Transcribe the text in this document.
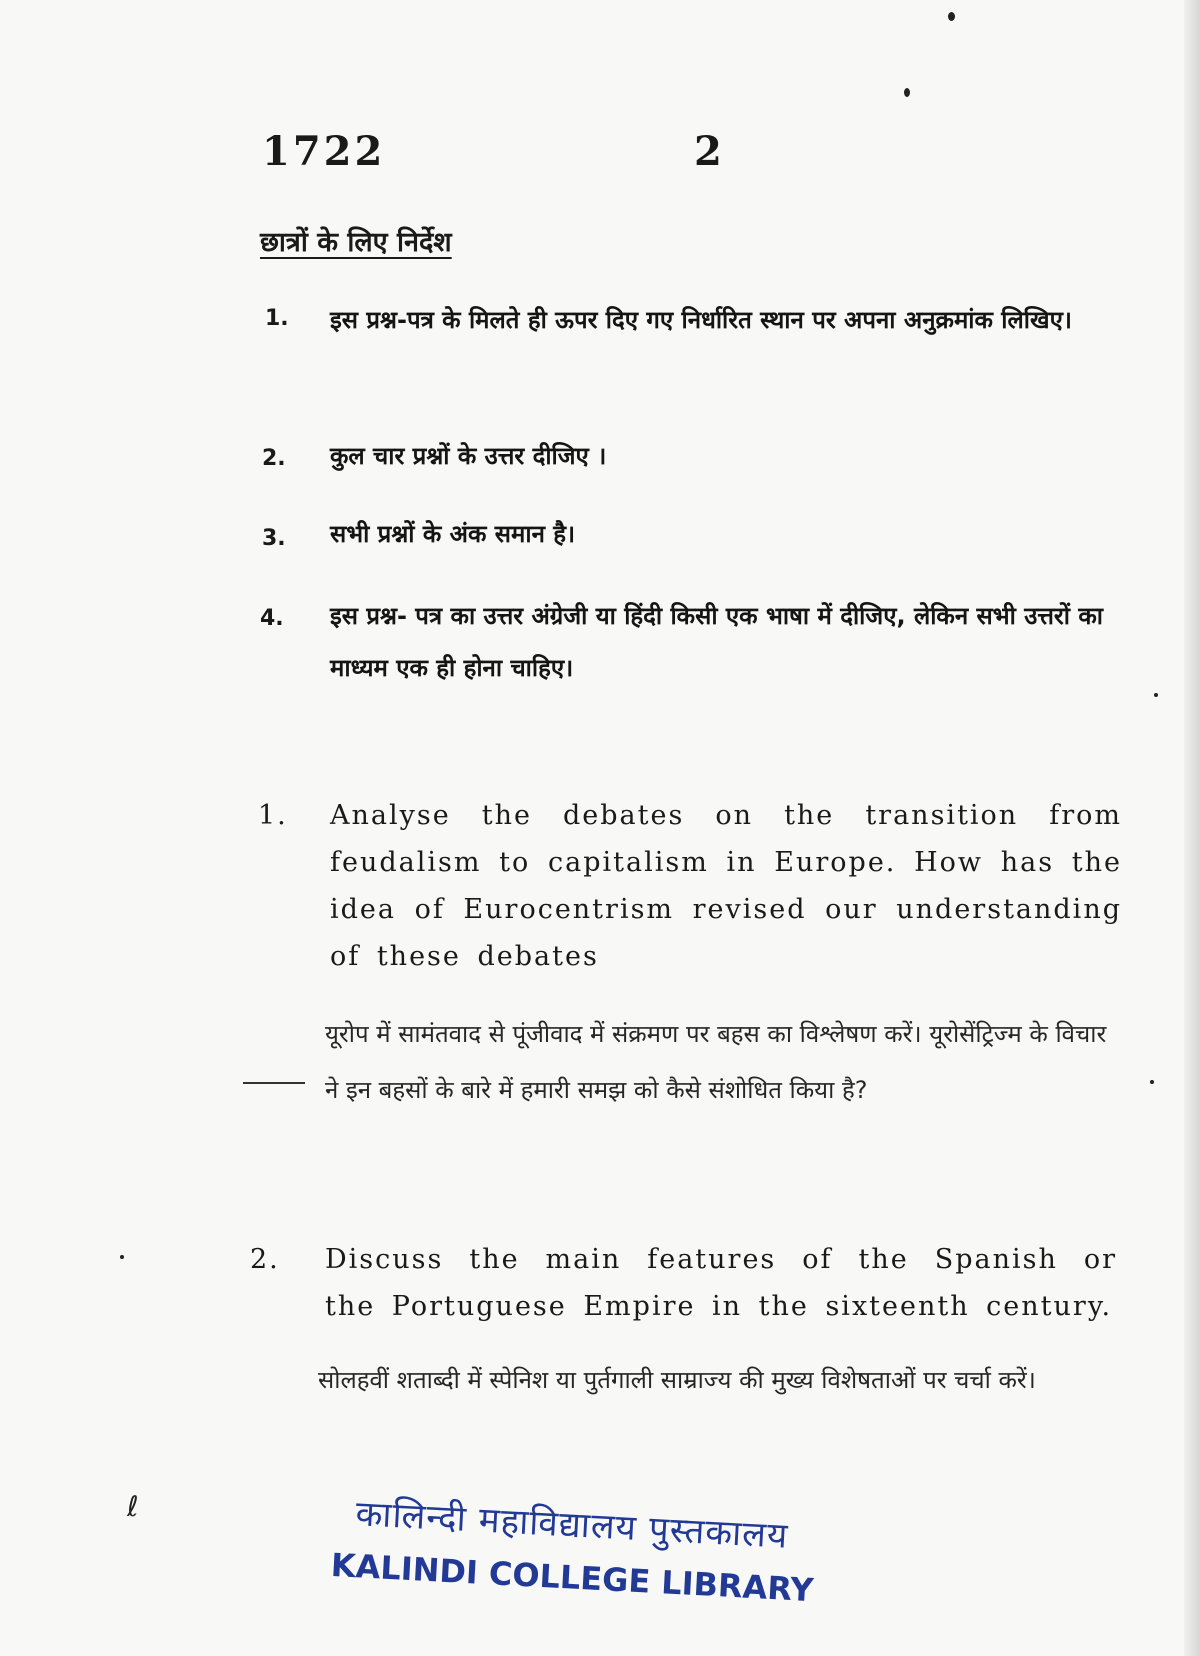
1722	2
छात्रों के लिए निर्देश
1. इस प्रश्न-पत्र के मिलते ही ऊपर दिए गए निर्धारित स्थान पर अपना अनुक्रमांक लिखिए।
2. कुल चार प्रश्नों के उत्तर दीजिए ।
3. सभी प्रश्नों के अंक समान है।
4. इस प्रश्न- पत्र का उत्तर अंग्रेजी या हिंदी किसी एक भाषा में दीजिए, लेकिन सभी उत्तरों का माध्यम एक ही होना चाहिए।
1. Analyse the debates on the transition from feudalism to capitalism in Europe. How has the idea of Eurocentrism revised our understanding of these debates
यूरोप में सामंतवाद से पूंजीवाद में संक्रमण पर बहस का विश्लेषण करें। यूरोसेंट्रिज्म के विचार ने इन बहसों के बारे में हमारी समझ को कैसे संशोधित किया है?
2. Discuss the main features of the Spanish or the Portuguese Empire in the sixteenth century.
सोलहवीं शताब्दी में स्पेनिश या पुर्तगाली साम्राज्य की मुख्य विशेषताओं पर चर्चा करें।
ℓ	कालिन्दी महाविद्यालय पुस्तकालय
KALINDI COLLEGE LIBRARY
